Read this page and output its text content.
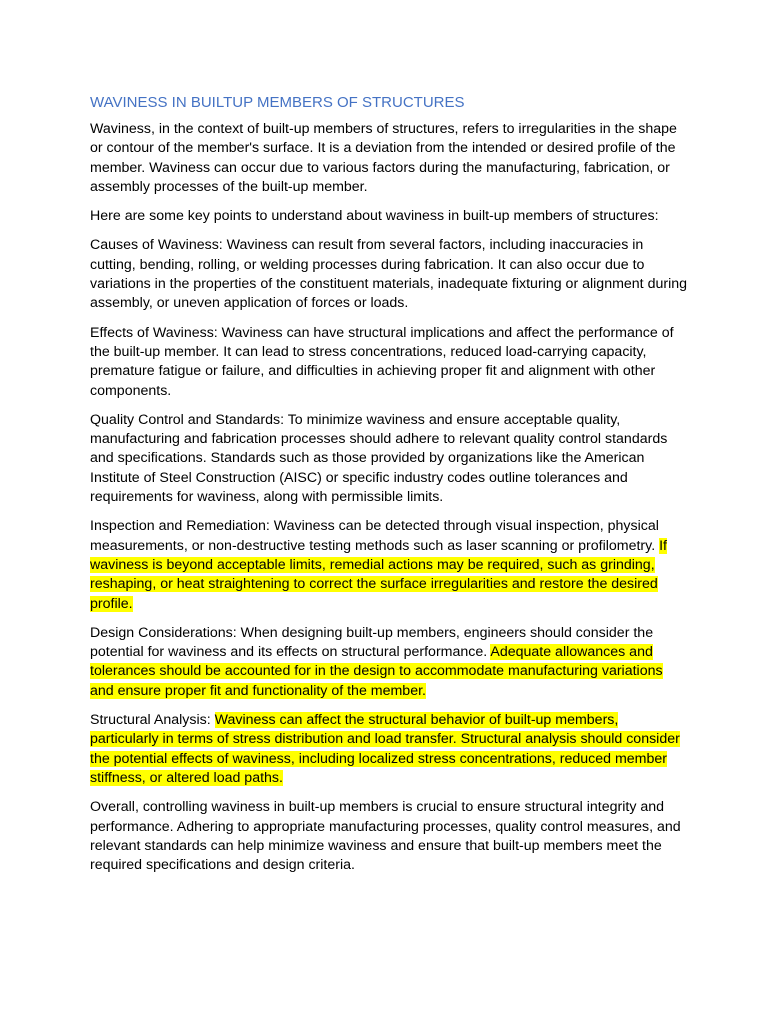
WAVINESS IN BUILTUP MEMBERS OF STRUCTURES

Waviness, in the context of built-up members of structures, refers to irregularities in the shape or contour of the member's surface. It is a deviation from the intended or desired profile of the member. Waviness can occur due to various factors during the manufacturing, fabrication, or assembly processes of the built-up member.

Here are some key points to understand about waviness in built-up members of structures:

Causes of Waviness: Waviness can result from several factors, including inaccuracies in cutting, bending, rolling, or welding processes during fabrication. It can also occur due to variations in the properties of the constituent materials, inadequate fixturing or alignment during assembly, or uneven application of forces or loads.

Effects of Waviness: Waviness can have structural implications and affect the performance of the built-up member. It can lead to stress concentrations, reduced load-carrying capacity, premature fatigue or failure, and difficulties in achieving proper fit and alignment with other components.

Quality Control and Standards: To minimize waviness and ensure acceptable quality, manufacturing and fabrication processes should adhere to relevant quality control standards and specifications. Standards such as those provided by organizations like the American Institute of Steel Construction (AISC) or specific industry codes outline tolerances and requirements for waviness, along with permissible limits.

Inspection and Remediation: Waviness can be detected through visual inspection, physical measurements, or non-destructive testing methods such as laser scanning or profilometry. If waviness is beyond acceptable limits, remedial actions may be required, such as grinding, reshaping, or heat straightening to correct the surface irregularities and restore the desired profile.

Design Considerations: When designing built-up members, engineers should consider the potential for waviness and its effects on structural performance. Adequate allowances and tolerances should be accounted for in the design to accommodate manufacturing variations and ensure proper fit and functionality of the member.

Structural Analysis: Waviness can affect the structural behavior of built-up members, particularly in terms of stress distribution and load transfer. Structural analysis should consider the potential effects of waviness, including localized stress concentrations, reduced member stiffness, or altered load paths.

Overall, controlling waviness in built-up members is crucial to ensure structural integrity and performance. Adhering to appropriate manufacturing processes, quality control measures, and relevant standards can help minimize waviness and ensure that built-up members meet the required specifications and design criteria.
